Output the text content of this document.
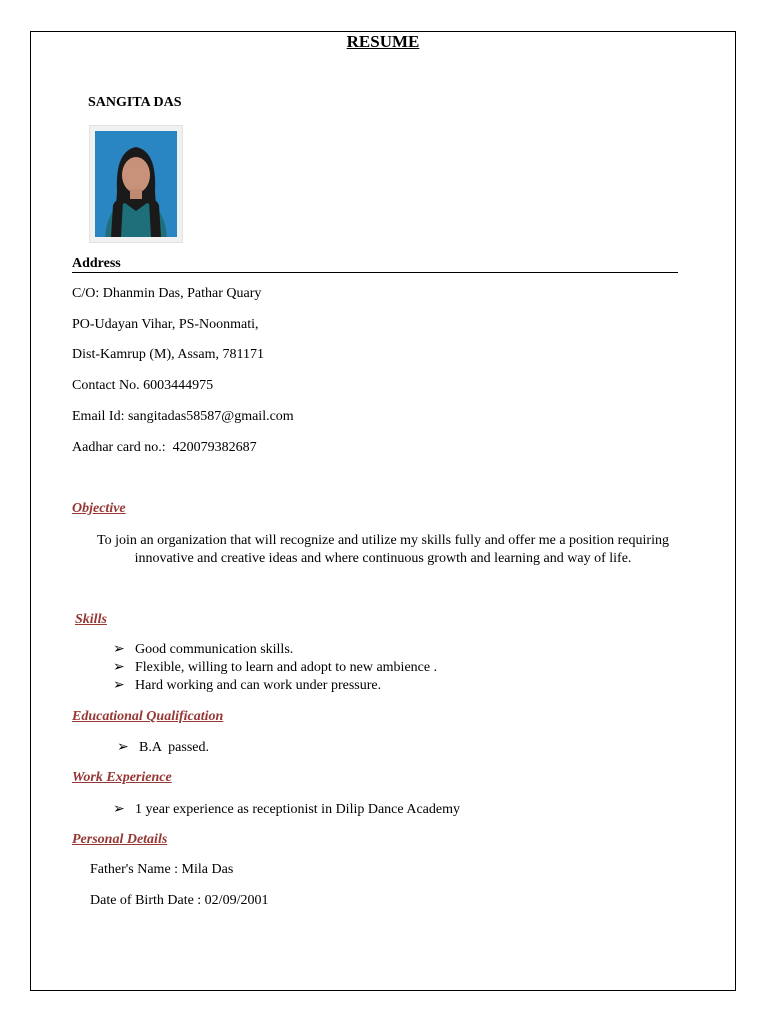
RESUME
SANGITA DAS
Address
C/O: Dhanmin Das, Pathar Quary
PO-Udayan Vihar, PS-Noonmati,
Dist-Kamrup (M), Assam, 781171
Contact No. 6003444975
Email Id: sangitadas58587@gmail.com
Aadhar card no.:  420079382687
Objective
To join an organization that will recognize and utilize my skills fully and offer me a position requiring innovative and creative ideas and where continuous growth and learning and way of life.
Skills
➢ Good communication skills.
➢ Flexible, willing to learn and adopt to new ambience .
➢ Hard working and can work under pressure.
Educational Qualification
➢ B.A  passed.
Work Experience
➢ 1 year experience as receptionist in Dilip Dance Academy
Personal Details
Father's Name : Mila Das
Date of Birth Date : 02/09/2001
